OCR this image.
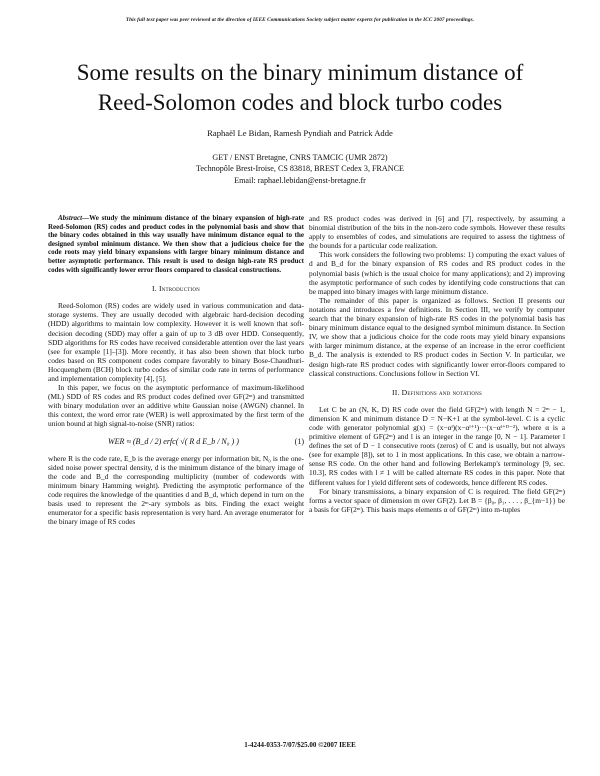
This full text paper was peer reviewed at the direction of IEEE Communications Society subject matter experts for publication in the ICC 2007 proceedings.
Some results on the binary minimum distance of
Reed-Solomon codes and block turbo codes
Raphaël Le Bidan, Ramesh Pyndiah and Patrick Adde
GET / ENST Bretagne, CNRS TAMCIC (UMR 2872)
Technopôle Brest-Iroise, CS 83818, BREST Cedex 3, FRANCE
Email: raphael.lebidan@enst-bretagne.fr

Abstract—We study the minimum distance of the binary expansion of high-rate Reed-Solomon (RS) codes and product codes in the polynomial basis and show that the binary codes obtained in this way usually have minimum distance equal to the designed symbol minimum distance. We then show that a judicious choice for the code roots may yield binary expansions with larger binary minimum distance and better asymptotic performance. This result is used to design high-rate RS product codes with significantly lower error floors compared to classical constructions.

I. Introduction

Reed-Solomon (RS) codes are widely used in various communication and data-storage systems. They are usually decoded with algebraic hard-decision decoding (HDD) algorithms to maintain low complexity. However it is well known that soft-decision decoding (SDD) may offer a gain of up to 3 dB over HDD. Consequently, SDD algorithms for RS codes have received considerable attention over the last years (see for example [1]–[3]). More recently, it has also been shown that block turbo codes based on RS component codes compare favorably to binary Bose-Chaudhuri-Hocquenghem (BCH) block turbo codes of similar code rate in terms of performance and implementation complexity [4], [5].

In this paper, we focus on the asymptotic performance of maximum-likelihood (ML) SDD of RS codes and RS product codes defined over GF(2ᵐ) and transmitted with binary modulation over an additive white Gaussian noise (AWGN) channel. In this context, the word error rate (WER) is well approximated by the first term of the union bound at high signal-to-noise (SNR) ratios:

WER ≈ (B_d / 2) erfc( √( R d E_b / N₀ ) )	(1)

where R is the code rate, E_b is the average energy per information bit, N₀ is the one-sided noise power spectral density, d is the minimum distance of the binary image of the code and B_d the corresponding multiplicity (number of codewords with minimum binary Hamming weight). Predicting the asymptotic performance of the code requires the knowledge of the quantities d and B_d, which depend in turn on the basis used to represent the 2ᵐ-ary symbols as bits. Finding the exact weight enumerator for a specific basis representation is very hard. An average enumerator for the binary image of RS codes

and RS product codes was derived in [6] and [7], respectively, by assuming a binomial distribution of the bits in the non-zero code symbols. However these results apply to ensembles of codes, and simulations are required to assess the tightness of the bounds for a particular code realization.

This work considers the following two problems: 1) computing the exact values of d and B_d for the binary expansion of RS codes and RS product codes in the polynomial basis (which is the usual choice for many applications); and 2) improving the asymptotic performance of such codes by identifying code constructions that can be mapped into binary images with large minimum distance.

The remainder of this paper is organized as follows. Section II presents our notations and introduces a few definitions. In Section III, we verify by computer search that the binary expansion of high-rate RS codes in the polynomial basis has binary minimum distance equal to the designed symbol minimum distance. In Section IV, we show that a judicious choice for the code roots may yield binary expansions with larger minimum distance, at the expense of an increase in the error coefficient B_d. The analysis is extended to RS product codes in Section V. In particular, we design high-rate RS product codes with significantly lower error-floors compared to classical constructions. Conclusions follow in Section VI.

II. Definitions and notations

Let C be an (N, K, D) RS code over the field GF(2ᵐ) with length N = 2ᵐ − 1, dimension K and minimum distance D = N−K+1 at the symbol-level. C is a cyclic code with generator polynomial g(x) = (x−αˡ)(x−αˡ⁺¹)···(x−αˡ⁺ᴰ⁻²), where α is a primitive element of GF(2ᵐ) and l is an integer in the range [0, N − 1]. Parameter l defines the set of D − 1 consecutive roots (zeros) of C and is usually, but not always (see for example [8]), set to 1 in most applications. In this case, we obtain a narrow-sense RS code. On the other hand and following Berlekamp's terminology [9, sec. 10.3], RS codes with l ≠ 1 will be called alternate RS codes in this paper. Note that different values for l yield different sets of codewords, hence different RS codes.

For binary transmissions, a binary expansion of C is required. The field GF(2ᵐ) forms a vector space of dimension m over GF(2). Let B = {β₀, β₁, . . . , β_{m−1}} be a basis for GF(2ᵐ). This basis maps elements α of GF(2ᵐ) into m-tuples

1-4244-0353-7/07/$25.00 ©2007 IEEE
